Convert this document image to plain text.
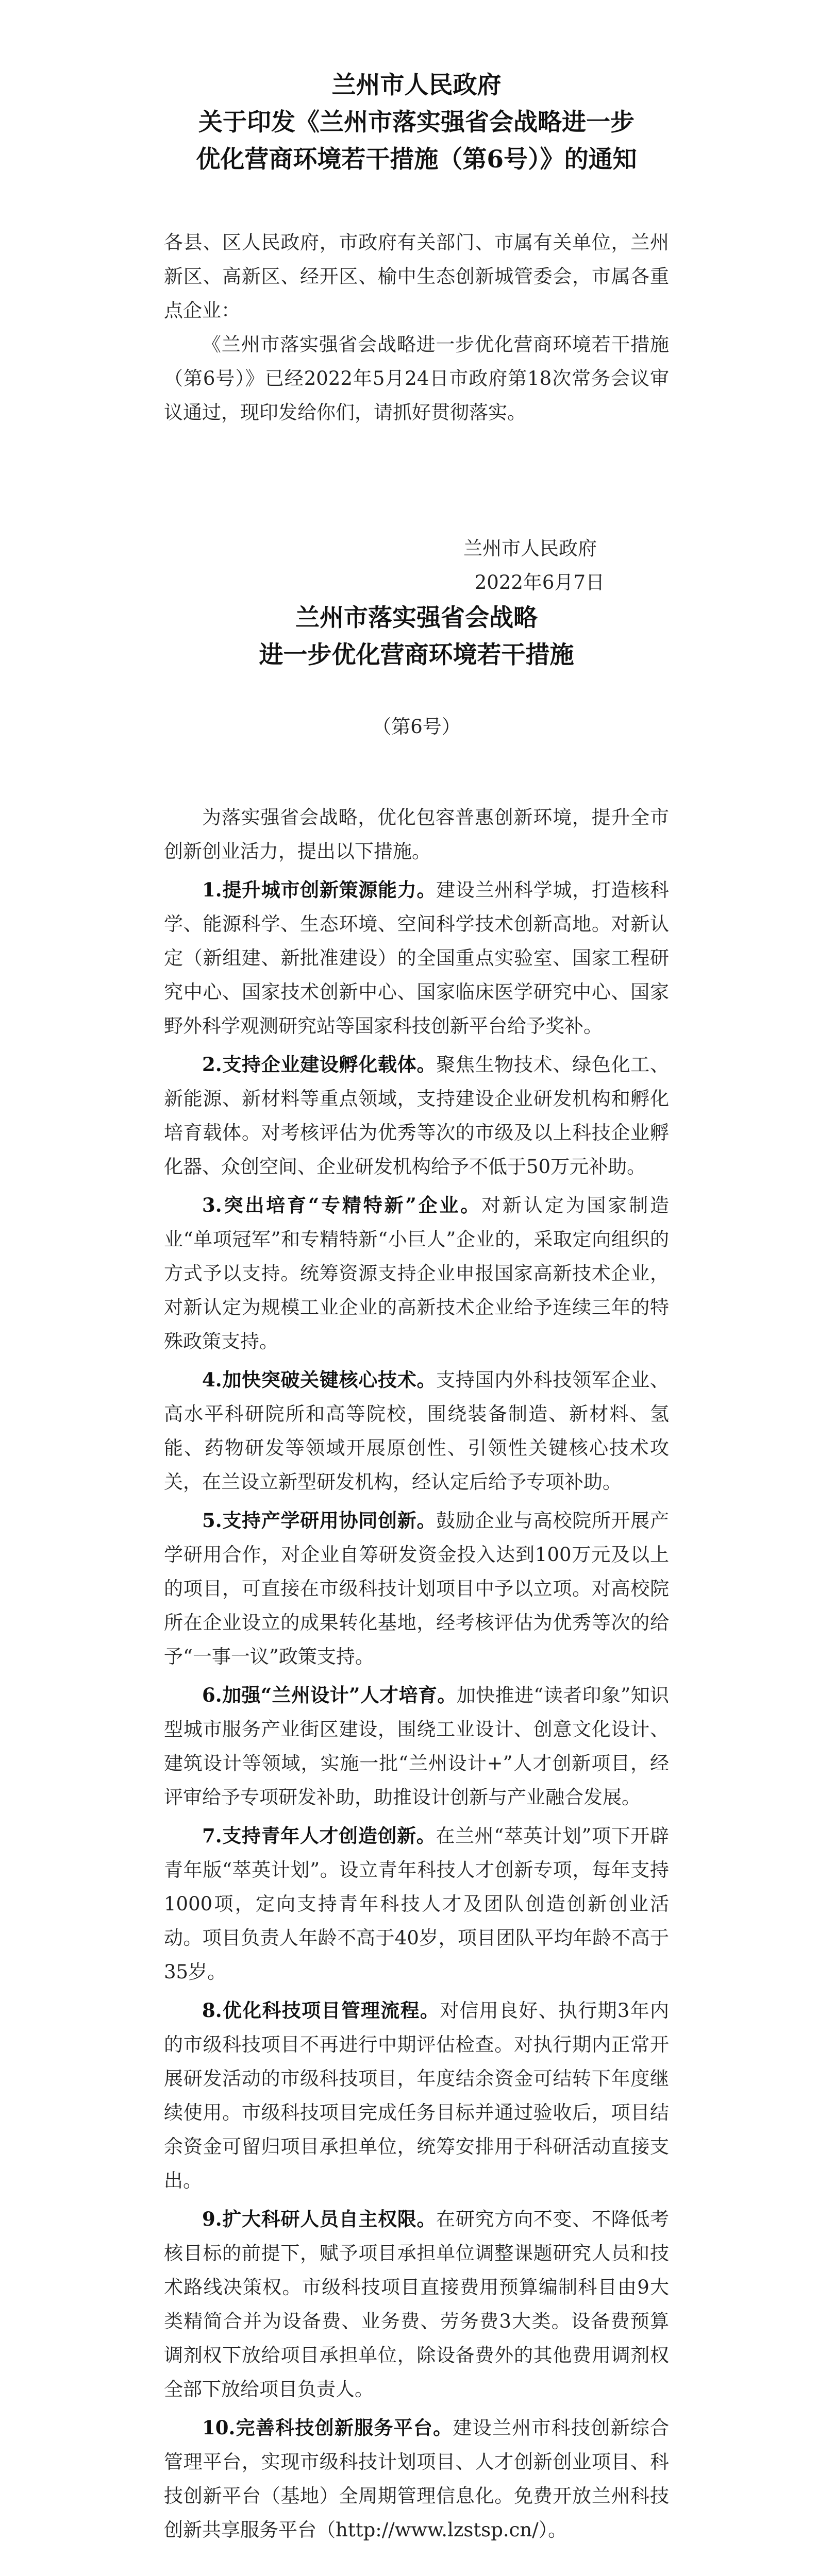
兰州市人民政府

关于印发《兰州市落实强省会战略进一步

优化营商环境若干措施（第6号）》的通知

各县、区人民政府，市政府有关部门、市属有关单位，兰州新区、高新区、经开区、榆中生态创新城管委会，市属各重点企业：

《兰州市落实强省会战略进一步优化营商环境若干措施（第6号）》已经2022年5月24日市政府第18次常务会议审议通过，现印发给你们，请抓好贯彻落实。

兰州市人民政府

2022年6月7日

兰州市落实强省会战略

进一步优化营商环境若干措施

（第6号）

为落实强省会战略，优化包容普惠创新环境，提升全市创新创业活力，提出以下措施。

1.提升城市创新策源能力。建设兰州科学城，打造核科学、能源科学、生态环境、空间科学技术创新高地。对新认定（新组建、新批准建设）的全国重点实验室、国家工程研究中心、国家技术创新中心、国家临床医学研究中心、国家野外科学观测研究站等国家科技创新平台给予奖补。

2.支持企业建设孵化载体。聚焦生物技术、绿色化工、新能源、新材料等重点领域，支持建设企业研发机构和孵化培育载体。对考核评估为优秀等次的市级及以上科技企业孵化器、众创空间、企业研发机构给予不低于50万元补助。

3.突出培育“专精特新”企业。对新认定为国家制造业“单项冠军”和专精特新“小巨人”企业的，采取定向组织的方式予以支持。统筹资源支持企业申报国家高新技术企业，对新认定为规模工业企业的高新技术企业给予连续三年的特殊政策支持。

4.加快突破关键核心技术。支持国内外科技领军企业、高水平科研院所和高等院校，围绕装备制造、新材料、氢能、药物研发等领域开展原创性、引领性关键核心技术攻关，在兰设立新型研发机构，经认定后给予专项补助。

5.支持产学研用协同创新。鼓励企业与高校院所开展产学研用合作，对企业自筹研发资金投入达到100万元及以上的项目，可直接在市级科技计划项目中予以立项。对高校院所在企业设立的成果转化基地，经考核评估为优秀等次的给予“一事一议”政策支持。

6.加强“兰州设计”人才培育。加快推进“读者印象”知识型城市服务产业街区建设，围绕工业设计、创意文化设计、建筑设计等领域，实施一批“兰州设计+”人才创新项目，经评审给予专项研发补助，助推设计创新与产业融合发展。

7.支持青年人才创造创新。在兰州“萃英计划”项下开辟青年版“萃英计划”。设立青年科技人才创新专项，每年支持1000项，定向支持青年科技人才及团队创造创新创业活动。项目负责人年龄不高于40岁，项目团队平均年龄不高于35岁。

8.优化科技项目管理流程。对信用良好、执行期3年内的市级科技项目不再进行中期评估检查。对执行期内正常开展研发活动的市级科技项目，年度结余资金可结转下年度继续使用。市级科技项目完成任务目标并通过验收后，项目结余资金可留归项目承担单位，统筹安排用于科研活动直接支出。

9.扩大科研人员自主权限。在研究方向不变、不降低考核目标的前提下，赋予项目承担单位调整课题研究人员和技术路线决策权。市级科技项目直接费用预算编制科目由9大类精简合并为设备费、业务费、劳务费3大类。设备费预算调剂权下放给项目承担单位，除设备费外的其他费用调剂权全部下放给项目负责人。

10.完善科技创新服务平台。建设兰州市科技创新综合管理平台，实现市级科技计划项目、人才创新创业项目、科技创新平台（基地）全周期管理信息化。免费开放兰州科技创新共享服务平台（http://www.lzstsp.cn/）。
